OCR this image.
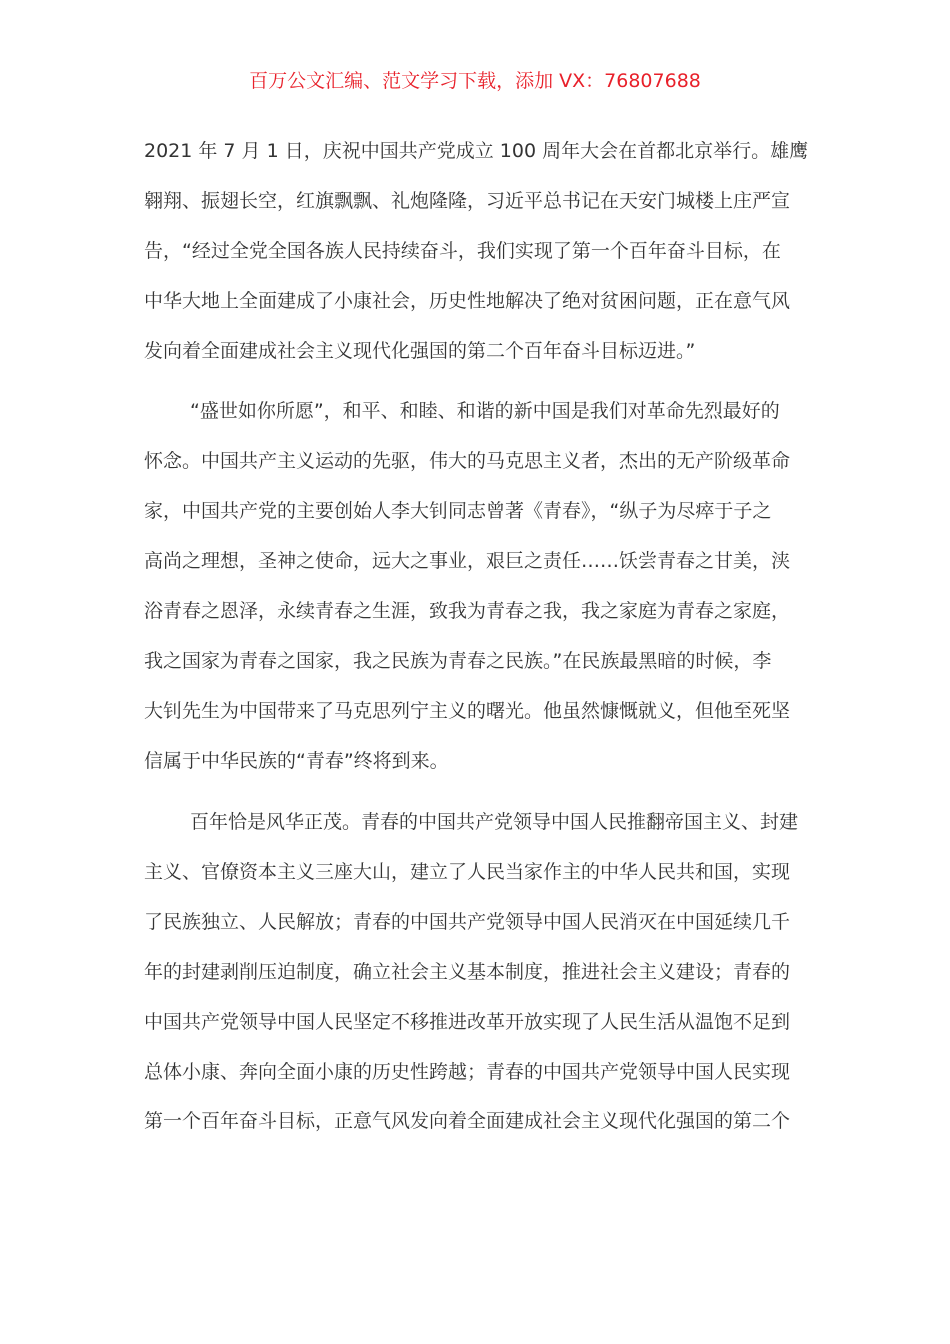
百万公文汇编、范文学习下载，添加 VX：76807688
2021 年 7 月 1 日，庆祝中国共产党成立 100 周年大会在首都北京举行。雄鹰
翱翔、振翅长空，红旗飘飘、礼炮隆隆，习近平总书记在天安门城楼上庄严宣
告，“经过全党全国各族人民持续奋斗，我们实现了第一个百年奋斗目标，在
中华大地上全面建成了小康社会，历史性地解决了绝对贫困问题，正在意气风
发向着全面建成社会主义现代化强国的第二个百年奋斗目标迈进。”
“盛世如你所愿”，和平、和睦、和谐的新中国是我们对革命先烈最好的
怀念。中国共产主义运动的先驱，伟大的马克思主义者，杰出的无产阶级革命
家，中国共产党的主要创始人李大钊同志曾著《青春》，“纵子为尽瘁于子之
高尚之理想，圣神之使命，远大之事业，艰巨之责任……饫尝青春之甘美，浃
浴青春之恩泽，永续青春之生涯，致我为青春之我，我之家庭为青春之家庭，
我之国家为青春之国家，我之民族为青春之民族。”在民族最黑暗的时候，李
大钊先生为中国带来了马克思列宁主义的曙光。他虽然慷慨就义，但他至死坚
信属于中华民族的“青春”终将到来。
百年恰是风华正茂。青春的中国共产党领导中国人民推翻帝国主义、封建
主义、官僚资本主义三座大山，建立了人民当家作主的中华人民共和国，实现
了民族独立、人民解放；青春的中国共产党领导中国人民消灭在中国延续几千
年的封建剥削压迫制度，确立社会主义基本制度，推进社会主义建设；青春的
中国共产党领导中国人民坚定不移推进改革开放实现了人民生活从温饱不足到
总体小康、奔向全面小康的历史性跨越；青春的中国共产党领导中国人民实现
第一个百年奋斗目标，正意气风发向着全面建成社会主义现代化强国的第二个
